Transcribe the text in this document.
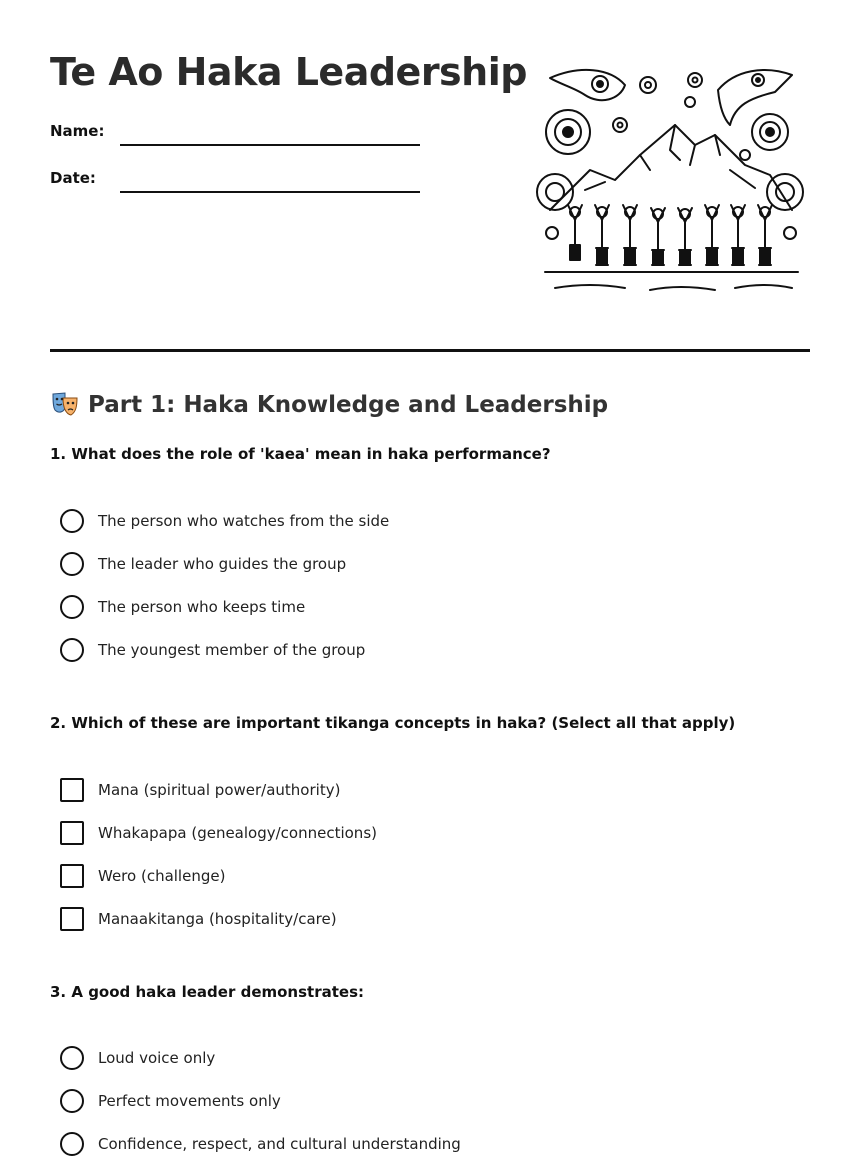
Te Ao Haka Leadership
Name:
Date:
Part 1: Haka Knowledge and Leadership

1. What does the role of 'kaea' mean in haka performance?

The person who watches from the side
The leader who guides the group
The person who keeps time
The youngest member of the group

2. Which of these are important tikanga concepts in haka? (Select all that apply)

Mana (spiritual power/authority)
Whakapapa (genealogy/connections)
Wero (challenge)
Manaakitanga (hospitality/care)

3. A good haka leader demonstrates:

Loud voice only
Perfect movements only
Confidence, respect, and cultural understanding
